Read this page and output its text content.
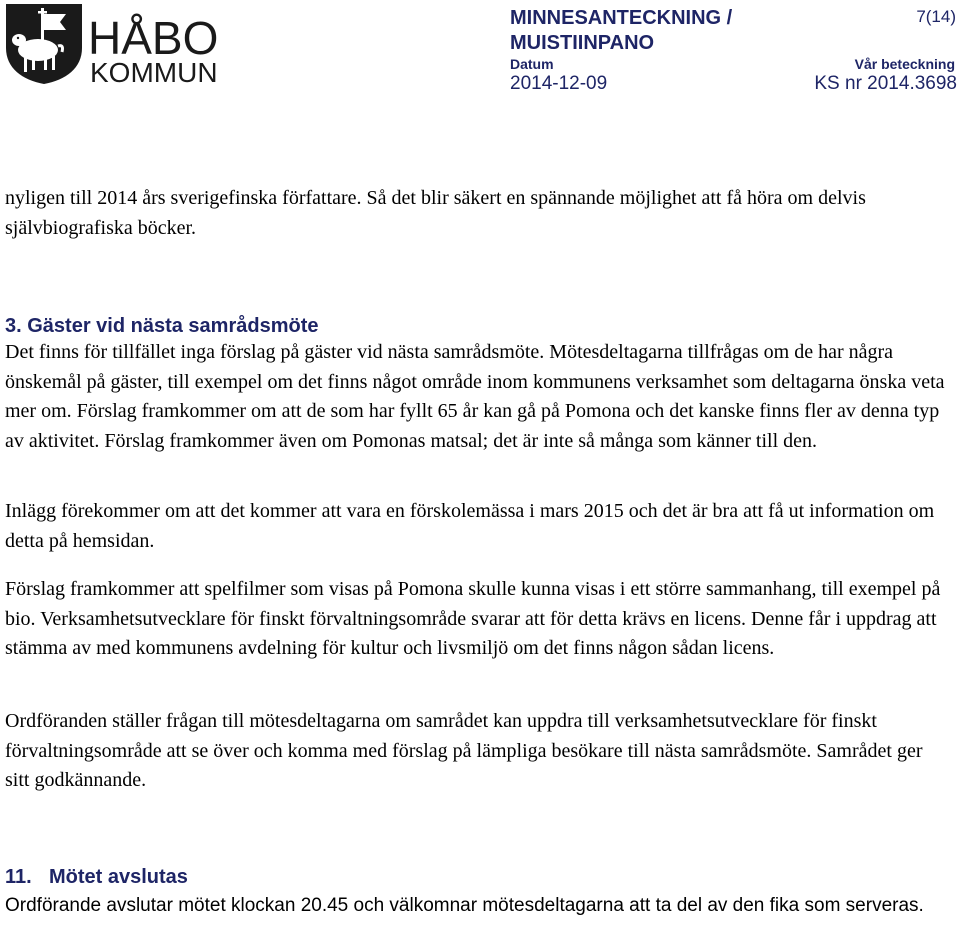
HÅBO
KOMMUN
MINNESANTECKNING / MUISTIINPANO
7(14)
Datum
2014-12-09
Vår beteckning
KS nr 2014.3698

nyligen till 2014 års sverigefinska författare. Så det blir säkert en spännande möjlighet att få höra om delvis självbiografiska böcker.

3. Gäster vid nästa samrådsmöte

Det finns för tillfället inga förslag på gäster vid nästa samrådsmöte. Mötesdeltagarna tillfrågas om de har några önskemål på gäster, till exempel om det finns något område inom kommunens verksamhet som deltagarna önska veta mer om. Förslag framkommer om att de som har fyllt 65 år kan gå på Pomona och det kanske finns fler av denna typ av aktivitet. Förslag framkommer även om Pomonas matsal; det är inte så många som känner till den.

Inlägg förekommer om att det kommer att vara en förskolemässa i mars 2015 och det är bra att få ut information om detta på hemsidan.

Förslag framkommer att spelfilmer som visas på Pomona skulle kunna visas i ett större sammanhang, till exempel på bio. Verksamhetsutvecklare för finskt förvaltningsområde svarar att för detta krävs en licens. Denne får i uppdrag att stämma av med kommunens avdelning för kultur och livsmiljö om det finns någon sådan licens.

Ordföranden ställer frågan till mötesdeltagarna om samrådet kan uppdra till verksamhetsutvecklare för finskt förvaltningsområde att se över och komma med förslag på lämpliga besökare till nästa samrådsmöte. Samrådet ger sitt godkännande.

11. Mötet avslutas

Ordförande avslutar mötet klockan 20.45 och välkomnar mötesdeltagarna att ta del av den fika som serveras.
